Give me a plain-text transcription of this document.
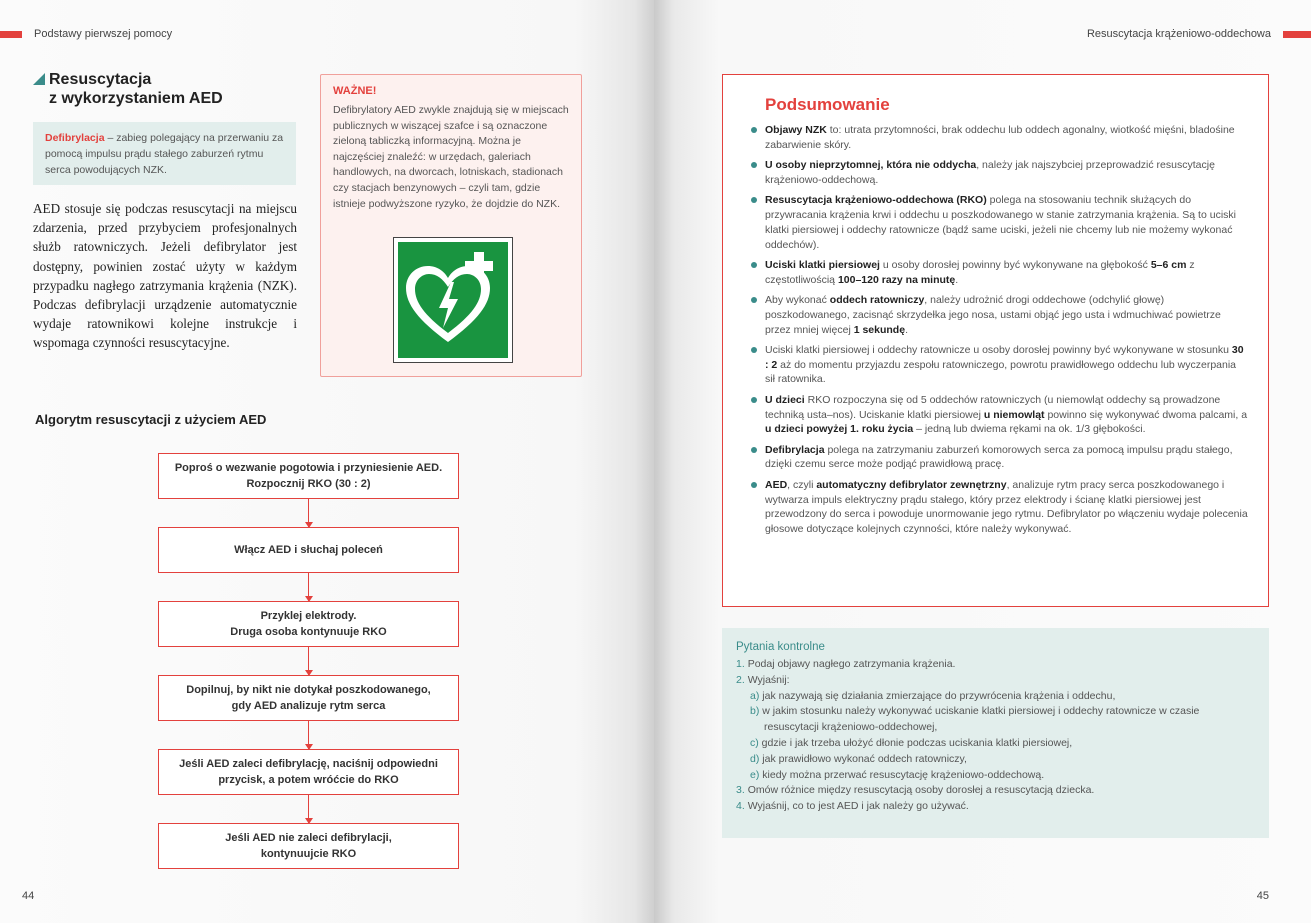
Podstawy pierwszej pomocy
Resuscytacja
z wykorzystaniem AED
Defibrylacja – zabieg polegający na przerwaniu za pomocą impulsu prądu stałego zaburzeń rytmu serca powodujących NZK.
AED stosuje się podczas resuscytacji na miejscu zdarzenia, przed przybyciem profesjonalnych służb ratowniczych. Jeżeli defibrylator jest dostępny, powinien zostać użyty w każdym przypadku nagłego zatrzymania krążenia (NZK). Podczas defibrylacji urządzenie automatycznie wydaje ratownikowi kolejne instrukcje i wspomaga czynności resuscytacyjne.
WAŻNE!
Defibrylatory AED zwykle znajdują się w miejscach publicznych w wiszącej szafce i są oznaczone zieloną tabliczką informacyjną. Można je najczęściej znaleźć: w urzędach, galeriach handlowych, na dworcach, lotniskach, stadionach czy stacjach benzynowych – czyli tam, gdzie istnieje podwyższone ryzyko, że dojdzie do NZK.
Algorytm resuscytacji z użyciem AED
Poproś o wezwanie pogotowia i przyniesienie AED.
Rozpocznij RKO (30 : 2)
Włącz AED i słuchaj poleceń
Przyklej elektrody.
Druga osoba kontynuuje RKO
Dopilnuj, by nikt nie dotykał poszkodowanego,
gdy AED analizuje rytm serca
Jeśli AED zaleci defibrylację, naciśnij odpowiedni
przycisk, a potem wróćcie do RKO
Jeśli AED nie zaleci defibrylacji,
kontynuujcie RKO
44
Resuscytacja krążeniowo-oddechowa
Podsumowanie
Objawy NZK to: utrata przytomności, brak oddechu lub oddech agonalny, wiotkość mięśni, bladośine zabarwienie skóry.
U osoby nieprzytomnej, która nie oddycha, należy jak najszybciej przeprowadzić resuscytację krążeniowo-oddechową.
Resuscytacja krążeniowo-oddechowa (RKO) polega na stosowaniu technik służących do przywracania krążenia krwi i oddechu u poszkodowanego w stanie zatrzymania krążenia. Są to uciski klatki piersiowej i oddechy ratownicze (bądź same uciski, jeżeli nie chcemy lub nie możemy wykonać oddechów).
Uciski klatki piersiowej u osoby dorosłej powinny być wykonywane na głębokość 5–6 cm z częstotliwością 100–120 razy na minutę.
Aby wykonać oddech ratowniczy, należy udrożnić drogi oddechowe (odchylić głowę) poszkodowanego, zacisnąć skrzydełka jego nosa, ustami objąć jego usta i wdmuchiwać powietrze przez mniej więcej 1 sekundę.
Uciski klatki piersiowej i oddechy ratownicze u osoby dorosłej powinny być wykonywane w stosunku 30 : 2 aż do momentu przyjazdu zespołu ratowniczego, powrotu prawidłowego oddechu lub wyczerpania sił ratownika.
U dzieci RKO rozpoczyna się od 5 oddechów ratowniczych (u niemowląt oddechy są prowadzone techniką usta–nos). Uciskanie klatki piersiowej u niemowląt powinno się wykonywać dwoma palcami, a u dzieci powyżej 1. roku życia – jedną lub dwiema rękami na ok. 1/3 głębokości.
Defibrylacja polega na zatrzymaniu zaburzeń komorowych serca za pomocą impulsu prądu stałego, dzięki czemu serce może podjąć prawidłową pracę.
AED, czyli automatyczny defibrylator zewnętrzny, analizuje rytm pracy serca poszkodowanego i wytwarza impuls elektryczny prądu stałego, który przez elektrody i ścianę klatki piersiowej jest przewodzony do serca i powoduje unormowanie jego rytmu. Defibrylator po włączeniu wydaje polecenia głosowe dotyczące kolejnych czynności, które należy wykonywać.
Pytania kontrolne
1. Podaj objawy nagłego zatrzymania krążenia.
2. Wyjaśnij:
a) jak nazywają się działania zmierzające do przywrócenia krążenia i oddechu,
b) w jakim stosunku należy wykonywać uciskanie klatki piersiowej i oddechy ratownicze w czasie
resuscytacji krążeniowo-oddechowej,
c) gdzie i jak trzeba ułożyć dłonie podczas uciskania klatki piersiowej,
d) jak prawidłowo wykonać oddech ratowniczy,
e) kiedy można przerwać resuscytację krążeniowo-oddechową.
3. Omów różnice między resuscytacją osoby dorosłej a resuscytacją dziecka.
4. Wyjaśnij, co to jest AED i jak należy go używać.
45
